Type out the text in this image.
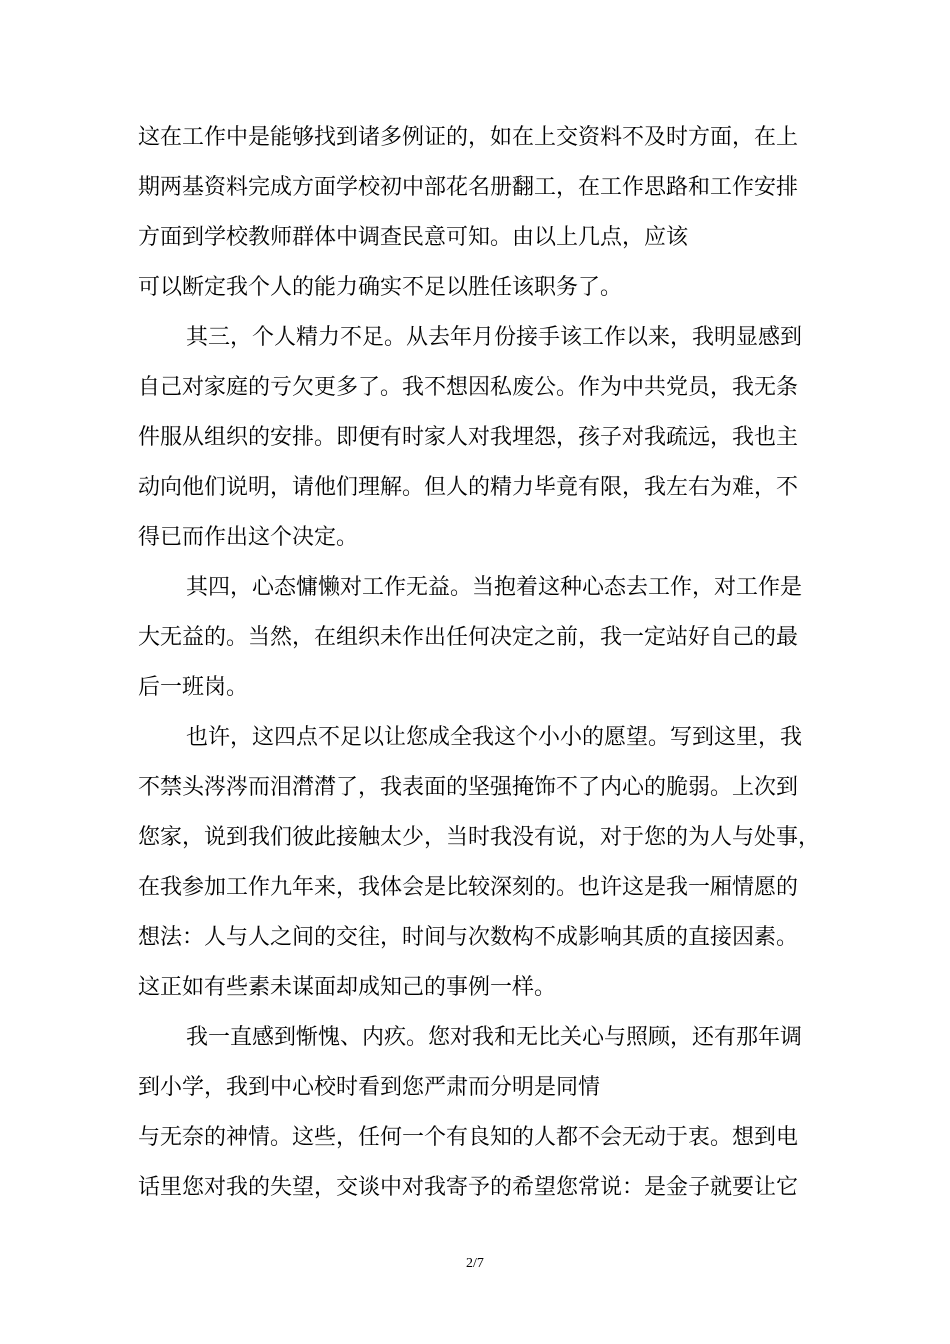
这在工作中是能够找到诸多例证的，如在上交资料不及时方面，在上

期两基资料完成方面学校初中部花名册翻工，在工作思路和工作安排

方面到学校教师群体中调查民意可知。由以上几点，应该

可以断定我个人的能力确实不足以胜任该职务了。

其三，个人精力不足。从去年月份接手该工作以来，我明显感到

自己对家庭的亏欠更多了。我不想因私废公。作为中共党员，我无条

件服从组织的安排。即便有时家人对我埋怨，孩子对我疏远，我也主

动向他们说明，请他们理解。但人的精力毕竟有限，我左右为难，不

得已而作出这个决定。

其四，心态慵懒对工作无益。当抱着这种心态去工作，对工作是

大无益的。当然，在组织未作出任何决定之前，我一定站好自己的最

后一班岗。

也许，这四点不足以让您成全我这个小小的愿望。写到这里，我

不禁头涔涔而泪潸潸了，我表面的坚强掩饰不了内心的脆弱。上次到

您家，说到我们彼此接触太少，当时我没有说，对于您的为人与处事，

在我参加工作九年来，我体会是比较深刻的。也许这是我一厢情愿的

想法：人与人之间的交往，时间与次数构不成影响其质的直接因素。

这正如有些素未谋面却成知己的事例一样。

我一直感到惭愧、内疚。您对我和无比关心与照顾，还有那年调

到小学，我到中心校时看到您严肃而分明是同情

与无奈的神情。这些，任何一个有良知的人都不会无动于衷。想到电

话里您对我的失望，交谈中对我寄予的希望您常说：是金子就要让它

2/7
